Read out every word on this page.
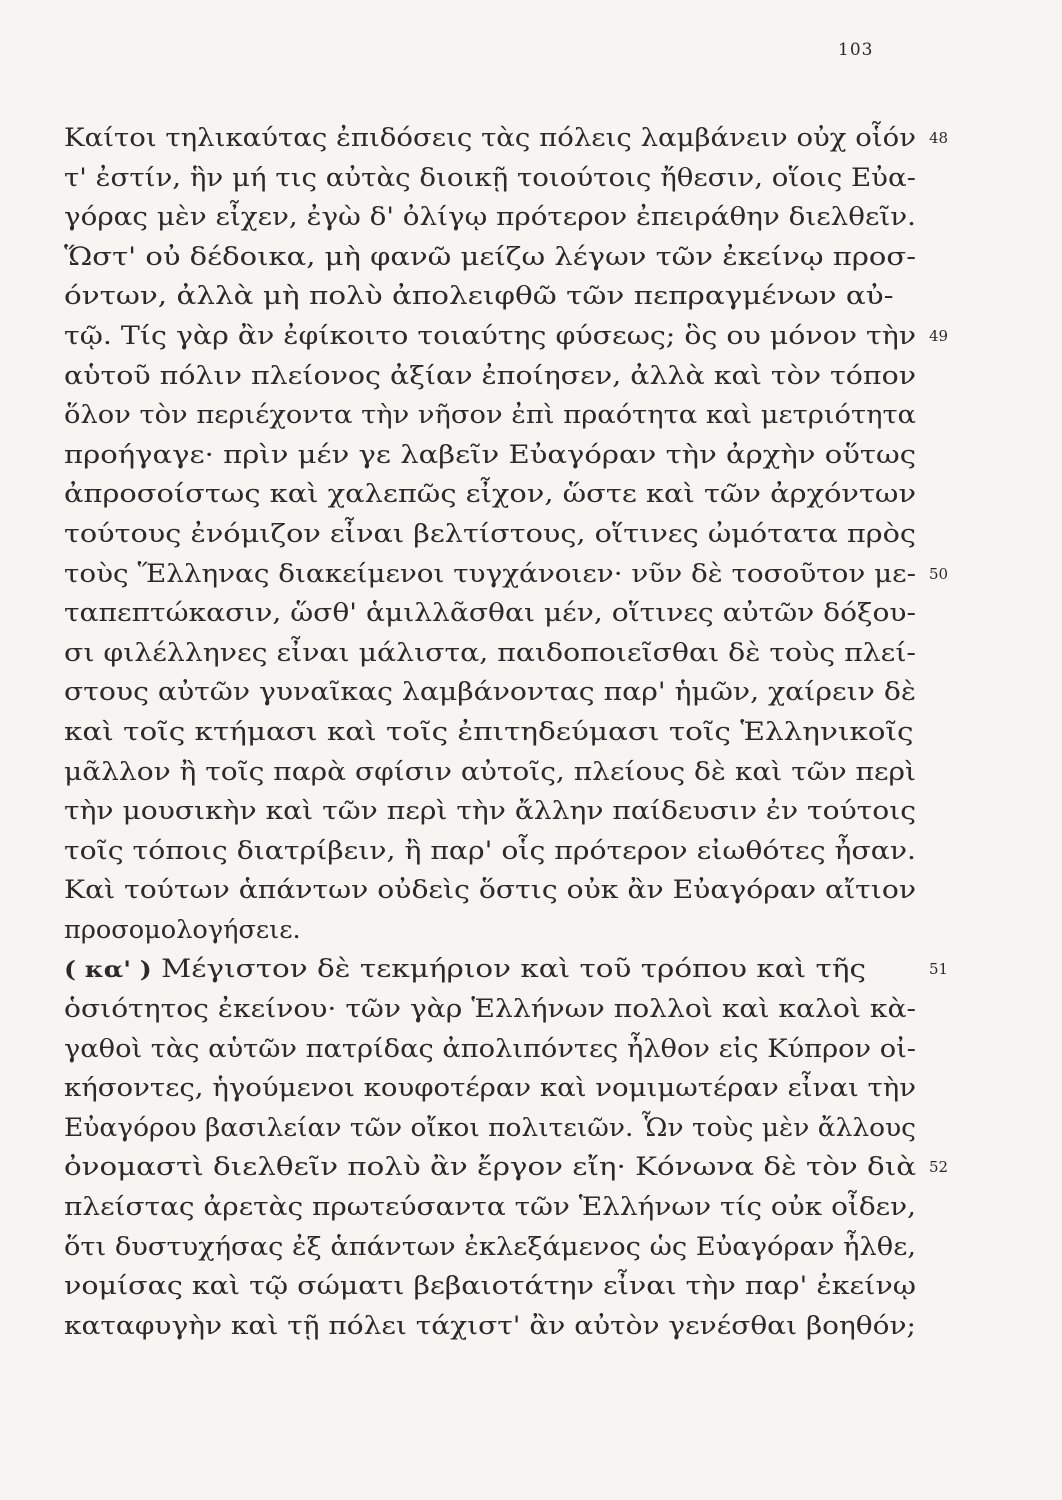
103
Καίτοι τηλικαύτας ἐπιδόσεις τὰς πόλεις λαμβάνειν οὐχ οἷόν 48
τ' ἐστίν, ἣν μή τις αὐτὰς διοικῇ τοιούτοις ἤθεσιν, οἵοις Εὐα-
γόρας μὲν εἶχεν, ἐγὼ δ' ὀλίγῳ πρότερον ἐπειράθην διελθεῖν.
Ὥστ' οὐ δέδοικα, μὴ φανῶ μείζω λέγων τῶν ἐκείνῳ προσ-
όντων, ἀλλὰ μὴ πολὺ ἀπολειφθῶ τῶν πεπραγμένων αὐ-
τῷ. Τίς γὰρ ἂν ἐφίκοιτο τοιαύτης φύσεως; ὃς ου μόνον τὴν 49
αὑτοῦ πόλιν πλείονος ἀξίαν ἐποίησεν, ἀλλὰ καὶ τὸν τόπον
ὅλον τὸν περιέχοντα τὴν νῆσον ἐπὶ πραότητα καὶ μετριότητα
προήγαγε· πρὶν μέν γε λαβεῖν Εὐαγόραν τὴν ἀρχὴν οὕτως
ἀπροσοίστως καὶ χαλεπῶς εἶχον, ὥστε καὶ τῶν ἀρχόντων
τούτους ἐνόμιζον εἶναι βελτίστους, οἵτινες ὠμότατα πρὸς
τοὺς Ἕλληνας διακείμενοι τυγχάνοιεν· νῦν δὲ τοσοῦτον με- 50
ταπεπτώκασιν, ὥσθ' ἁμιλλᾶσθαι μέν, οἵτινες αὐτῶν δόξου-
σι φιλέλληνες εἶναι μάλιστα, παιδοποιεῖσθαι δὲ τοὺς πλεί-
στους αὐτῶν γυναῖκας λαμβάνοντας παρ' ἡμῶν, χαίρειν δὲ
καὶ τοῖς κτήμασι καὶ τοῖς ἐπιτηδεύμασι τοῖς Ἑλληνικοῖς
μᾶλλον ἢ τοῖς παρὰ σφίσιν αὐτοῖς, πλείους δὲ καὶ τῶν περὶ
τὴν μουσικὴν καὶ τῶν περὶ τὴν ἄλλην παίδευσιν ἐν τούτοις
τοῖς τόποις διατρίβειν, ἢ παρ' οἷς πρότερον εἰωθότες ἦσαν.
Καὶ τούτων ἁπάντων οὐδεὶς ὅστις οὐκ ἂν Εὐαγόραν αἴτιον
προσομολογήσειε.
( κα' ) Μέγιστον δὲ τεκμήριον καὶ τοῦ τρόπου καὶ τῆς	51
ὁσιότητος ἐκείνου· τῶν γὰρ Ἑλλήνων πολλοὶ καὶ καλοὶ κὰ-
γαθοὶ τὰς αὑτῶν πατρίδας ἀπολιπόντες ἦλθον εἰς Κύπρον οἰ-
κήσοντες, ἡγούμενοι κουφοτέραν καὶ νομιμωτέραν εἶναι τὴν
Εὐαγόρου βασιλείαν τῶν οἴκοι πολιτειῶν. Ὧν τοὺς μὲν ἄλλους
ὀνομαστὶ διελθεῖν πολὺ ἂν ἔργον εἴη· Κόνωνα δὲ τὸν διὰ 52
πλείστας ἀρετὰς πρωτεύσαντα τῶν Ἑλλήνων τίς οὐκ οἶδεν,
ὅτι δυστυχήσας ἐξ ἁπάντων ἐκλεξάμενος ὡς Εὐαγόραν ἦλθε,
νομίσας καὶ τῷ σώματι βεβαιοτάτην εἶναι τὴν παρ' ἐκείνῳ
καταφυγὴν καὶ τῇ πόλει τάχιστ' ἂν αὐτὸν γενέσθαι βοηθόν;
